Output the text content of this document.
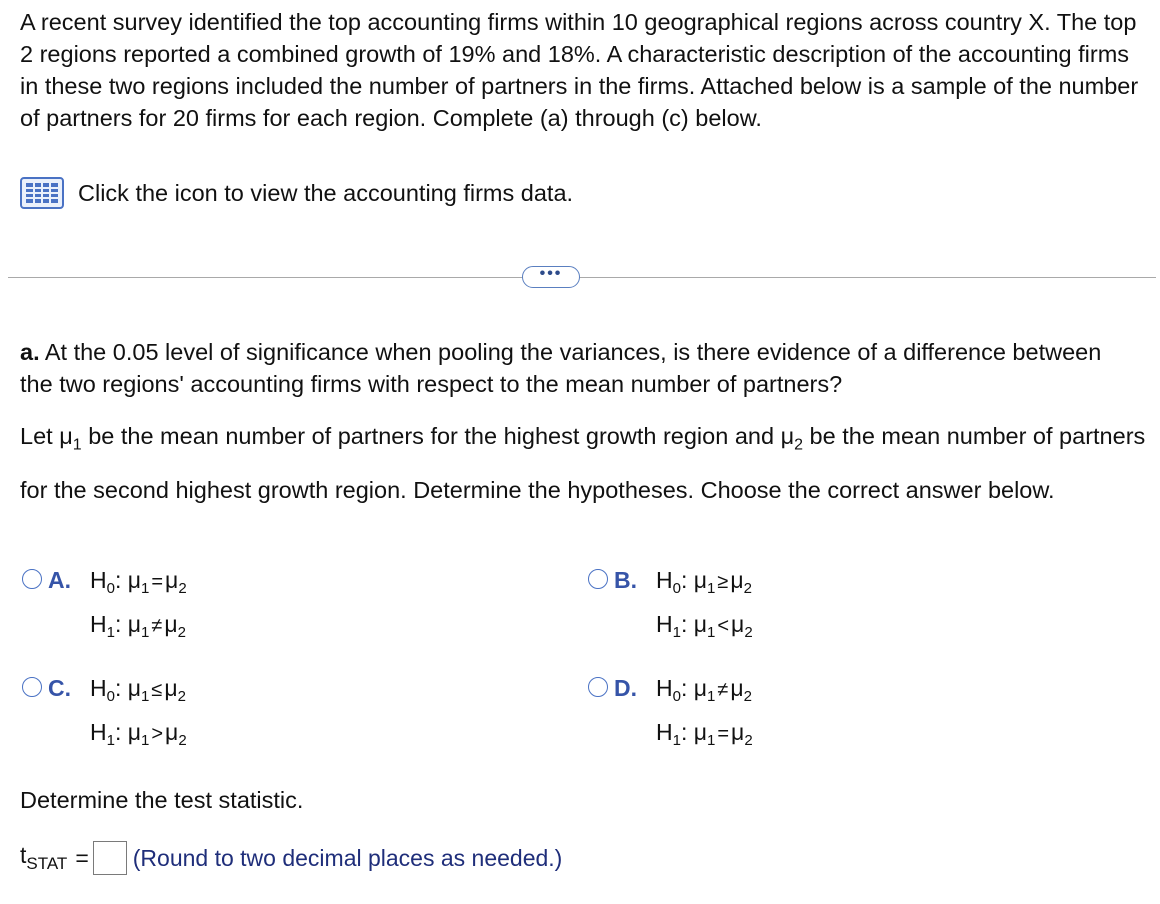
A recent survey identified the top accounting firms within 10 geographical regions across country X. The top 2 regions reported a combined growth of 19% and 18%. A characteristic description of the accounting firms in these two regions included the number of partners in the firms. Attached below is a sample of the number of partners for 20 firms for each region. Complete (a) through (c) below.
Click the icon to view the accounting firms data.
•••
a. At the 0.05 level of significance when pooling the variances, is there evidence of a difference between the two regions' accounting firms with respect to the mean number of partners?
Let $\mu_1$ be the mean number of partners for the highest growth region and $\mu_2$ be the mean number of partners for the second highest growth region. Determine the hypotheses. Choose the correct answer below.
A. $H_0$: $\mu_1 =\mu_2$
$H_1$: $\mu_1 \ne\mu_2$
B. $H_0$: $\mu_1 \ge\mu_2$
$H_1$: $\mu_1 <\mu_2$
C. $H_0$: $\mu_1 \le\mu_2$
$H_1$: $\mu_1 >\mu_2$
D. $H_0$: $\mu_1 \ne\mu_2$
$H_1$: $\mu_1 =\mu_2$
Determine the test statistic.
$t_{STAT}$ = (Round to two decimal places as needed.)
